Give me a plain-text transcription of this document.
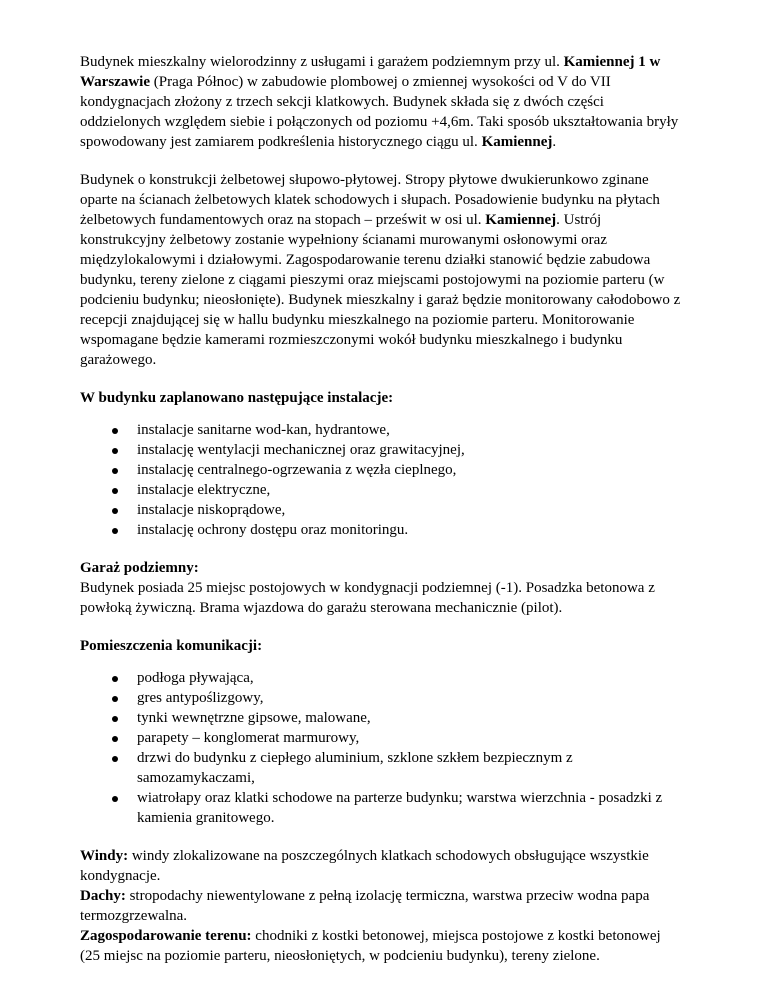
Budynek mieszkalny wielorodzinny z usługami i garażem podziemnym przy ul. Kamiennej 1 w Warszawie (Praga Północ) w zabudowie plombowej o zmiennej wysokości od V do VII kondygnacjach złożony z trzech sekcji klatkowych. Budynek składa się z dwóch części oddzielonych względem siebie i połączonych od poziomu +4,6m. Taki sposób ukształtowania bryły spowodowany jest zamiarem podkreślenia historycznego ciągu ul. Kamiennej.

Budynek o konstrukcji żelbetowej słupowo-płytowej. Stropy płytowe dwukierunkowo zginane oparte na ścianach żelbetowych klatek schodowych i słupach. Posadowienie budynku na płytach żelbetowych fundamentowych oraz na stopach – prześwit w osi ul. Kamiennej. Ustrój konstrukcyjny żelbetowy zostanie wypełniony ścianami murowanymi osłonowymi oraz międzylokalowymi i działowymi. Zagospodarowanie terenu działki stanowić będzie zabudowa budynku, tereny zielone z ciągami pieszymi oraz miejscami postojowymi na poziomie parteru (w podcieniu budynku; nieosłonięte). Budynek mieszkalny i garaż będzie monitorowany całodobowo z recepcji znajdującej się w hallu budynku mieszkalnego na poziomie parteru. Monitorowanie wspomagane będzie kamerami rozmieszczonymi wokół budynku mieszkalnego i budynku garażowego.

W budynku zaplanowano następujące instalacje:
instalacje sanitarne wod-kan, hydrantowe,
instalację wentylacji mechanicznej oraz grawitacyjnej,
instalację centralnego-ogrzewania z węzła cieplnego,
instalacje elektryczne,
instalacje niskoprądowe,
instalację ochrony dostępu oraz monitoringu.
Garaż podziemny:

Budynek posiada 25 miejsc postojowych w kondygnacji podziemnej (-1). Posadzka betonowa z powłoką żywiczną. Brama wjazdowa do garażu sterowana mechanicznie (pilot).

Pomieszczenia komunikacji:
podłoga pływająca,
gres antypoślizgowy,
tynki wewnętrzne gipsowe, malowane,
parapety – konglomerat marmurowy,
drzwi do budynku z ciepłego aluminium, szklone szkłem bezpiecznym z samozamykaczami,
wiatrołapy oraz klatki schodowe na parterze budynku; warstwa wierzchnia - posadzki z kamienia granitowego.
Windy: windy zlokalizowane na poszczególnych klatkach schodowych obsługujące wszystkie kondygnacje.
Dachy: stropodachy niewentylowane z pełną izolację termiczna, warstwa przeciw wodna papa termozgrzewalna.
Zagospodarowanie terenu: chodniki z kostki betonowej, miejsca postojowe z kostki betonowej (25 miejsc na poziomie parteru, nieosłoniętych, w podcieniu budynku), tereny zielone.
